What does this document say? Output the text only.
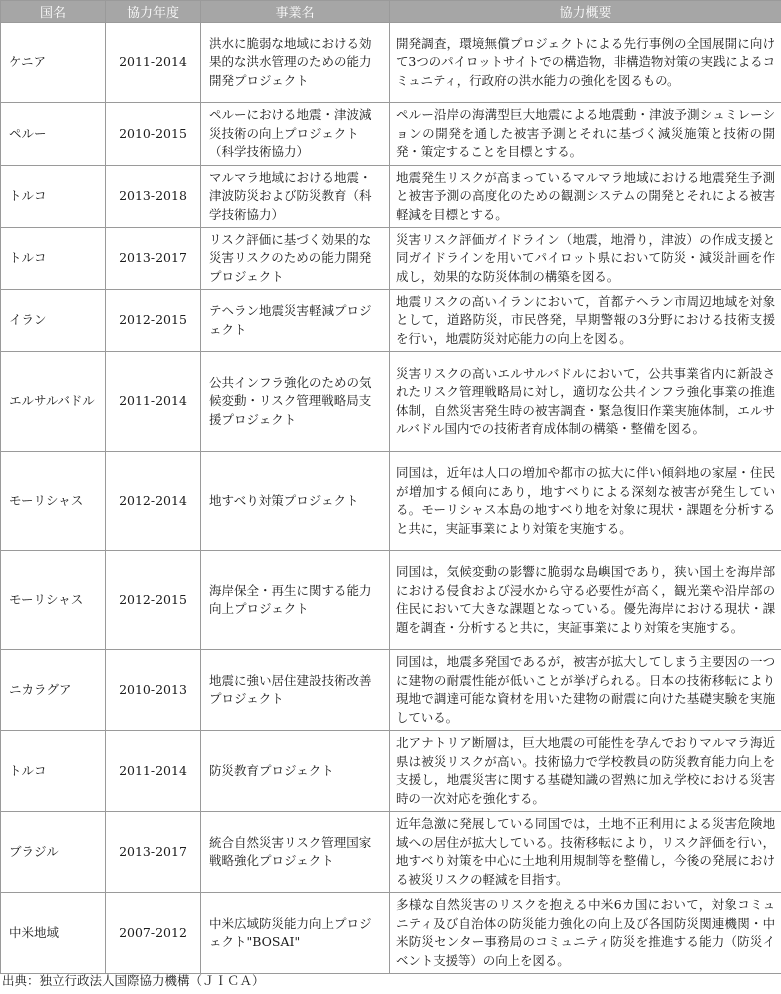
国名	協力年度	事業名	協力概要
ケニア	2011-2014	洪水に脆弱な地域における効果的な洪水管理のための能力開発プロジェクト	開発調査，環境無償プロジェクトによる先行事例の全国展開に向けて3つのパイロットサイトでの構造物，非構造物対策の実践によるコミュニティ，行政府の洪水能力の強化を図るもの。
ペルー	2010-2015	ペルーにおける地震・津波減災技術の向上プロジェクト（科学技術協力）	ペルー沿岸の海溝型巨大地震による地震動・津波予測シュミレーションの開発を通した被害予測とそれに基づく減災施策と技術の開発・策定することを目標とする。
トルコ	2013-2018	マルマラ地域における地震・津波防災および防災教育（科学技術協力）	地震発生リスクが高まっているマルマラ地域における地震発生予測と被害予測の高度化のための観測システムの開発とそれによる被害軽減を目標とする。
トルコ	2013-2017	リスク評価に基づく効果的な災害リスクのための能力開発プロジェクト	災害リスク評価ガイドライン（地震，地滑り，津波）の作成支援と同ガイドラインを用いてパイロット県において防災・減災計画を作成し，効果的な防災体制の構築を図る。
イラン	2012-2015	テヘラン地震災害軽減プロジェクト	地震リスクの高いイランにおいて，首都テヘラン市周辺地域を対象として，道路防災，市民啓発，早期警報の3分野における技術支援を行い，地震防災対応能力の向上を図る。
エルサルバドル	2011-2014	公共インフラ強化のための気候変動・リスク管理戦略局支援プロジェクト	災害リスクの高いエルサルバドルにおいて，公共事業省内に新設されたリスク管理戦略局に対し，適切な公共インフラ強化事業の推進体制，自然災害発生時の被害調査・緊急復旧作業実施体制，エルサルバドル国内での技術者育成体制の構築・整備を図る。
モーリシャス	2012-2014	地すべり対策プロジェクト	同国は，近年は人口の増加や都市の拡大に伴い傾斜地の家屋・住民が増加する傾向にあり，地すべりによる深刻な被害が発生している。モーリシャス本島の地すべり地を対象に現状・課題を分析すると共に，実証事業により対策を実施する。
モーリシャス	2012-2015	海岸保全・再生に関する能力向上プロジェクト	同国は，気候変動の影響に脆弱な島嶼国であり，狭い国土を海岸部における侵食および浸水から守る必要性が高く，観光業や沿岸部の住民において大きな課題となっている。優先海岸における現状・課題を調査・分析すると共に，実証事業により対策を実施する。
ニカラグア	2010-2013	地震に強い居住建設技術改善プロジェクト	同国は，地震多発国であるが，被害が拡大してしまう主要因の一つに建物の耐震性能が低いことが挙げられる。日本の技術移転により現地で調達可能な資材を用いた建物の耐震に向けた基礎実験を実施している。
トルコ	2011-2014	防災教育プロジェクト	北アナトリア断層は，巨大地震の可能性を孕んでおりマルマラ海近県は被災リスクが高い。技術協力で学校教員の防災教育能力向上を支援し，地震災害に関する基礎知識の習熟に加え学校における災害時の一次対応を強化する。
ブラジル	2013-2017	統合自然災害リスク管理国家戦略強化プロジェクト	近年急激に発展している同国では，土地不正利用による災害危険地域への居住が拡大している。技術移転により，リスク評価を行い，地すべり対策を中心に土地利用規制等を整備し，今後の発展における被災リスクの軽減を目指す。
中米地域	2007-2012	中米広域防災能力向上プロジェクト"BOSAI"	多様な自然災害のリスクを抱える中米6カ国において，対象コミュニティ及び自治体の防災能力強化の向上及び各国防災関連機関・中米防災センター事務局のコミュニティ防災を推進する能力（防災イベント支援等）の向上を図る。
出典：独立行政法人国際協力機構（ＪＩＣＡ）
